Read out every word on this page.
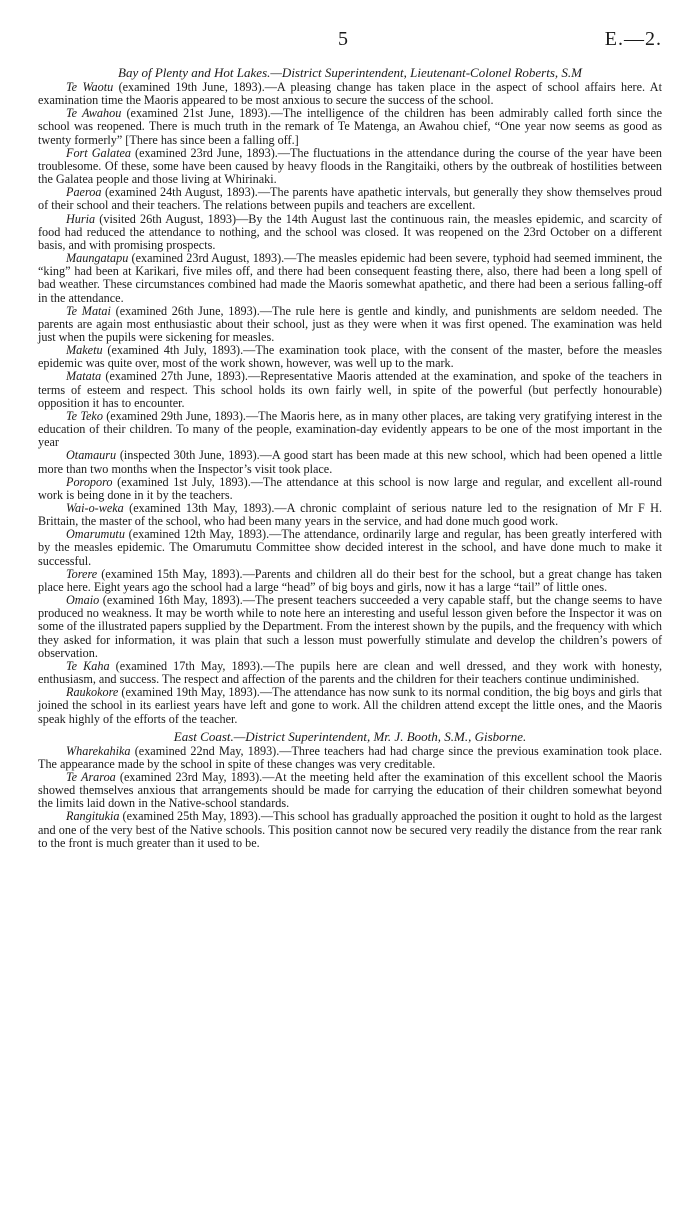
5	E.—2.
Bay of Plenty and Hot Lakes.—District Superintendent, Lieutenant-Colonel Roberts, S.M

Te Waotu (examined 19th June, 1893).—A pleasing change has taken place in the aspect of school affairs here. At examination time the Maoris appeared to be most anxious to secure the success of the school.

Te Awahou (examined 21st June, 1893).—The intelligence of the children has been admirably called forth since the school was reopened. There is much truth in the remark of Te Matenga, an Awahou chief, “One year now seems as good as twenty formerly” [There has since been a falling off.]

Fort Galatea (examined 23rd June, 1893).—The fluctuations in the attendance during the course of the year have been troublesome. Of these, some have been caused by heavy floods in the Rangitaiki, others by the outbreak of hostilities between the Galatea people and those living at Whirinaki.

Paeroa (examined 24th August, 1893).—The parents have apathetic intervals, but generally they show themselves proud of their school and their teachers. The relations between pupils and teachers are excellent.

Huria (visited 26th August, 1893)—By the 14th August last the continuous rain, the measles epidemic, and scarcity of food had reduced the attendance to nothing, and the school was closed. It was reopened on the 23rd October on a different basis, and with promising prospects.

Maungatapu (examined 23rd August, 1893).—The measles epidemic had been severe, typhoid had seemed imminent, the “king” had been at Karikari, five miles off, and there had been consequent feasting there, also, there had been a long spell of bad weather. These circumstances combined had made the Maoris somewhat apathetic, and there had been a serious falling-off in the attendance.

Te Matai (examined 26th June, 1893).—The rule here is gentle and kindly, and punishments are seldom needed. The parents are again most enthusiastic about their school, just as they were when it was first opened. The examination was held just when the pupils were sickening for measles.

Maketu (examined 4th July, 1893).—The examination took place, with the consent of the master, before the measles epidemic was quite over, most of the work shown, however, was well up to the mark.

Matata (examined 27th June, 1893).—Representative Maoris attended at the examination, and spoke of the teachers in terms of esteem and respect. This school holds its own fairly well, in spite of the powerful (but perfectly honourable) opposition it has to encounter.

Te Teko (examined 29th June, 1893).—The Maoris here, as in many other places, are taking very gratifying interest in the education of their children. To many of the people, examination-day evidently appears to be one of the most important in the year

Otamauru (inspected 30th June, 1893).—A good start has been made at this new school, which had been opened a little more than two months when the Inspector’s visit took place.

Poroporo (examined 1st July, 1893).—The attendance at this school is now large and regular, and excellent all-round work is being done in it by the teachers.

Wai-o-weka (examined 13th May, 1893).—A chronic complaint of serious nature led to the resignation of Mr F H. Brittain, the master of the school, who had been many years in the service, and had done much good work.

Omarumutu (examined 12th May, 1893).—The attendance, ordinarily large and regular, has been greatly interfered with by the measles epidemic. The Omarumutu Committee show decided interest in the school, and have done much to make it successful.

Torere (examined 15th May, 1893).—Parents and children all do their best for the school, but a great change has taken place here. Eight years ago the school had a large “head” of big boys and girls, now it has a large “tail” of little ones.

Omaio (examined 16th May, 1893).—The present teachers succeeded a very capable staff, but the change seems to have produced no weakness. It may be worth while to note here an interesting and useful lesson given before the Inspector it was on some of the illustrated papers supplied by the Department. From the interest shown by the pupils, and the frequency with which they asked for information, it was plain that such a lesson must powerfully stimulate and develop the children’s powers of observation.

Te Kaha (examined 17th May, 1893).—The pupils here are clean and well dressed, and they work with honesty, enthusiasm, and success. The respect and affection of the parents and the children for their teachers continue undiminished.

Raukokore (examined 19th May, 1893).—The attendance has now sunk to its normal condition, the big boys and girls that joined the school in its earliest years have left and gone to work. All the children attend except the little ones, and the Maoris speak highly of the efforts of the teacher.

East Coast.—District Superintendent, Mr. J. Booth, S.M., Gisborne.

Wharekahika (examined 22nd May, 1893).—Three teachers had had charge since the previous examination took place. The appearance made by the school in spite of these changes was very creditable.

Te Araroa (examined 23rd May, 1893).—At the meeting held after the examination of this excellent school the Maoris showed themselves anxious that arrangements should be made for carrying the education of their children somewhat beyond the limits laid down in the Native-school standards.

Rangitukia (examined 25th May, 1893).—This school has gradually approached the position it ought to hold as the largest and one of the very best of the Native schools. This position cannot now be secured very readily the distance from the rear rank to the front is much greater than it used to be.
